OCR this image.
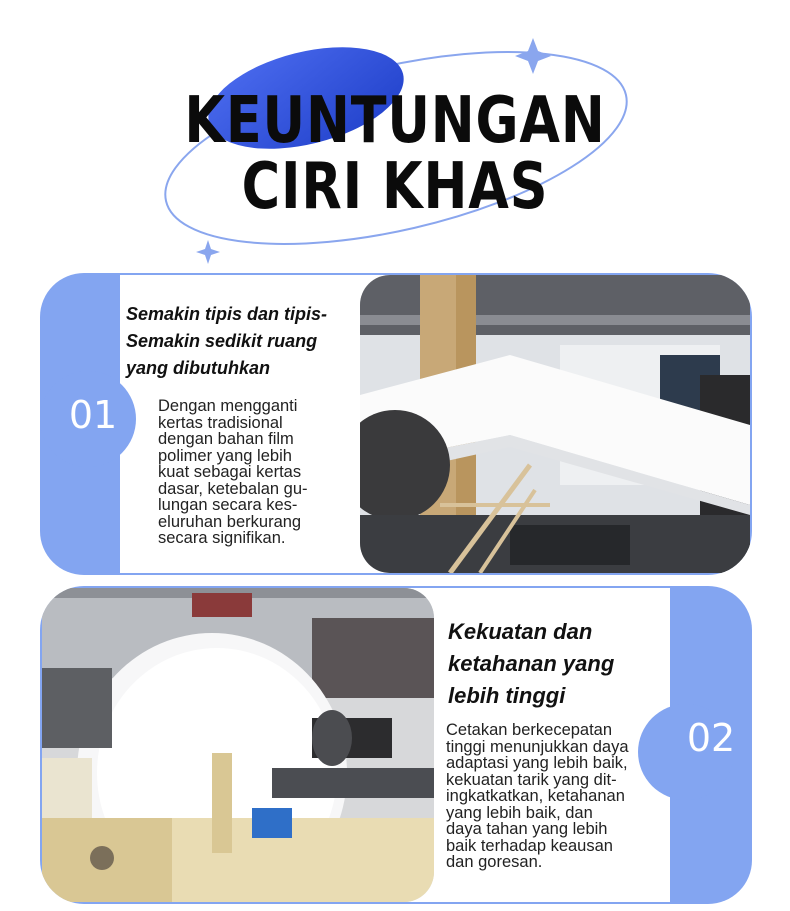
KEUNTUNGAN
CIRI KHAS
01
Semakin tipis dan tipis-
Semakin sedikit ruang
yang dibutuhkan
Dengan mengganti
kertas tradisional
dengan bahan film
polimer yang lebih
kuat sebagai kertas
dasar, ketebalan gu-
lungan secara kes-
eluruhan berkurang
secara signifikan.
02
Kekuatan dan
ketahanan yang
lebih tinggi
Cetakan berkecepatan
tinggi menunjukkan daya
adaptasi yang lebih baik,
kekuatan tarik yang dit-
ingkatkatkan, ketahanan
yang lebih baik, dan
daya tahan yang lebih
baik terhadap keausan
dan goresan.
